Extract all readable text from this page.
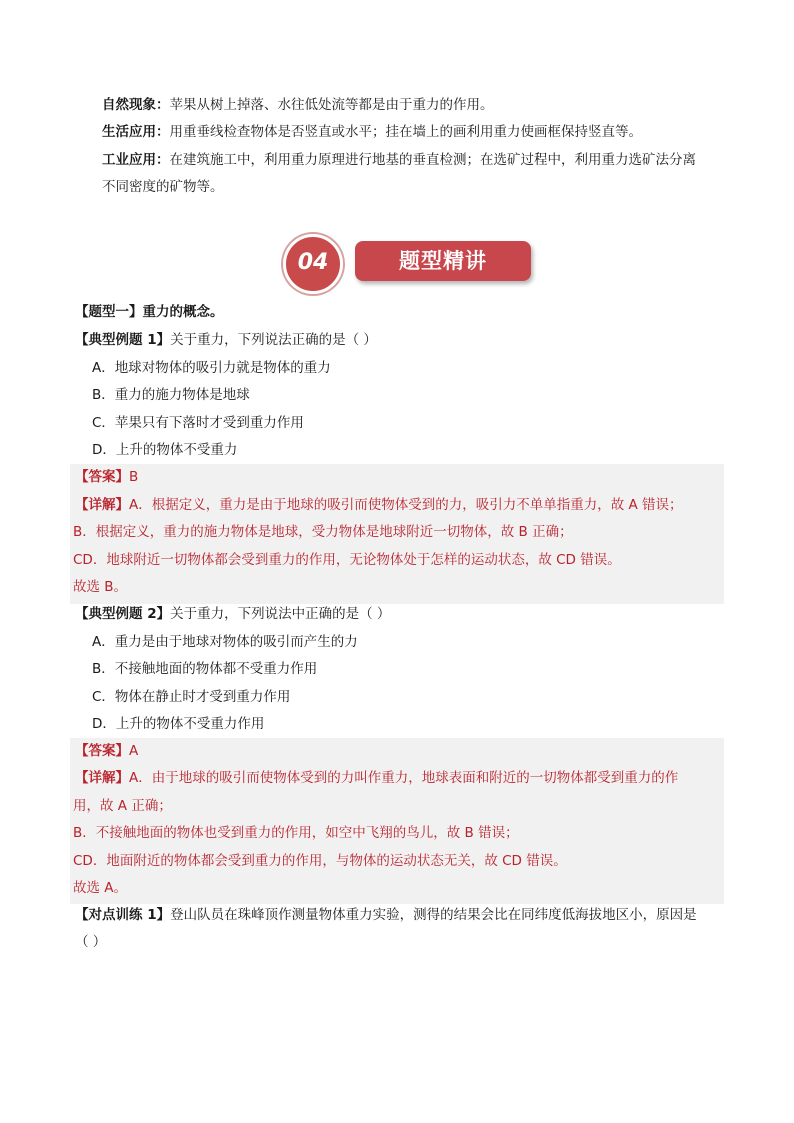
自然现象：苹果从树上掉落、水往低处流等都是由于重力的作用。
生活应用：用重垂线检查物体是否竖直或水平；挂在墙上的画利用重力使画框保持竖直等。
工业应用：在建筑施工中，利用重力原理进行地基的垂直检测；在选矿过程中，利用重力选矿法分离
不同密度的矿物等。
04	题型精讲
【题型一】重力的概念。
【典型例题 1】关于重力，下列说法正确的是（ ）
A．地球对物体的吸引力就是物体的重力
B．重力的施力物体是地球
C．苹果只有下落时才受到重力作用
D．上升的物体不受重力
【答案】B
【详解】A．根据定义，重力是由于地球的吸引而使物体受到的力，吸引力不单单指重力，故 A 错误；
B．根据定义，重力的施力物体是地球，受力物体是地球附近一切物体，故 B 正确；
CD．地球附近一切物体都会受到重力的作用，无论物体处于怎样的运动状态，故 CD 错误。
故选 B。
【典型例题 2】关于重力，下列说法中正确的是（ ）
A．重力是由于地球对物体的吸引而产生的力
B．不接触地面的物体都不受重力作用
C．物体在静止时才受到重力作用
D．上升的物体不受重力作用
【答案】A
【详解】A．由于地球的吸引而使物体受到的力叫作重力，地球表面和附近的一切物体都受到重力的作
用，故 A 正确；
B．不接触地面的物体也受到重力的作用，如空中飞翔的鸟儿，故 B 错误；
CD．地面附近的物体都会受到重力的作用，与物体的运动状态无关，故 CD 错误。
故选 A。
【对点训练 1】登山队员在珠峰顶作测量物体重力实验，测得的结果会比在同纬度低海拔地区小，原因是
（ ）
